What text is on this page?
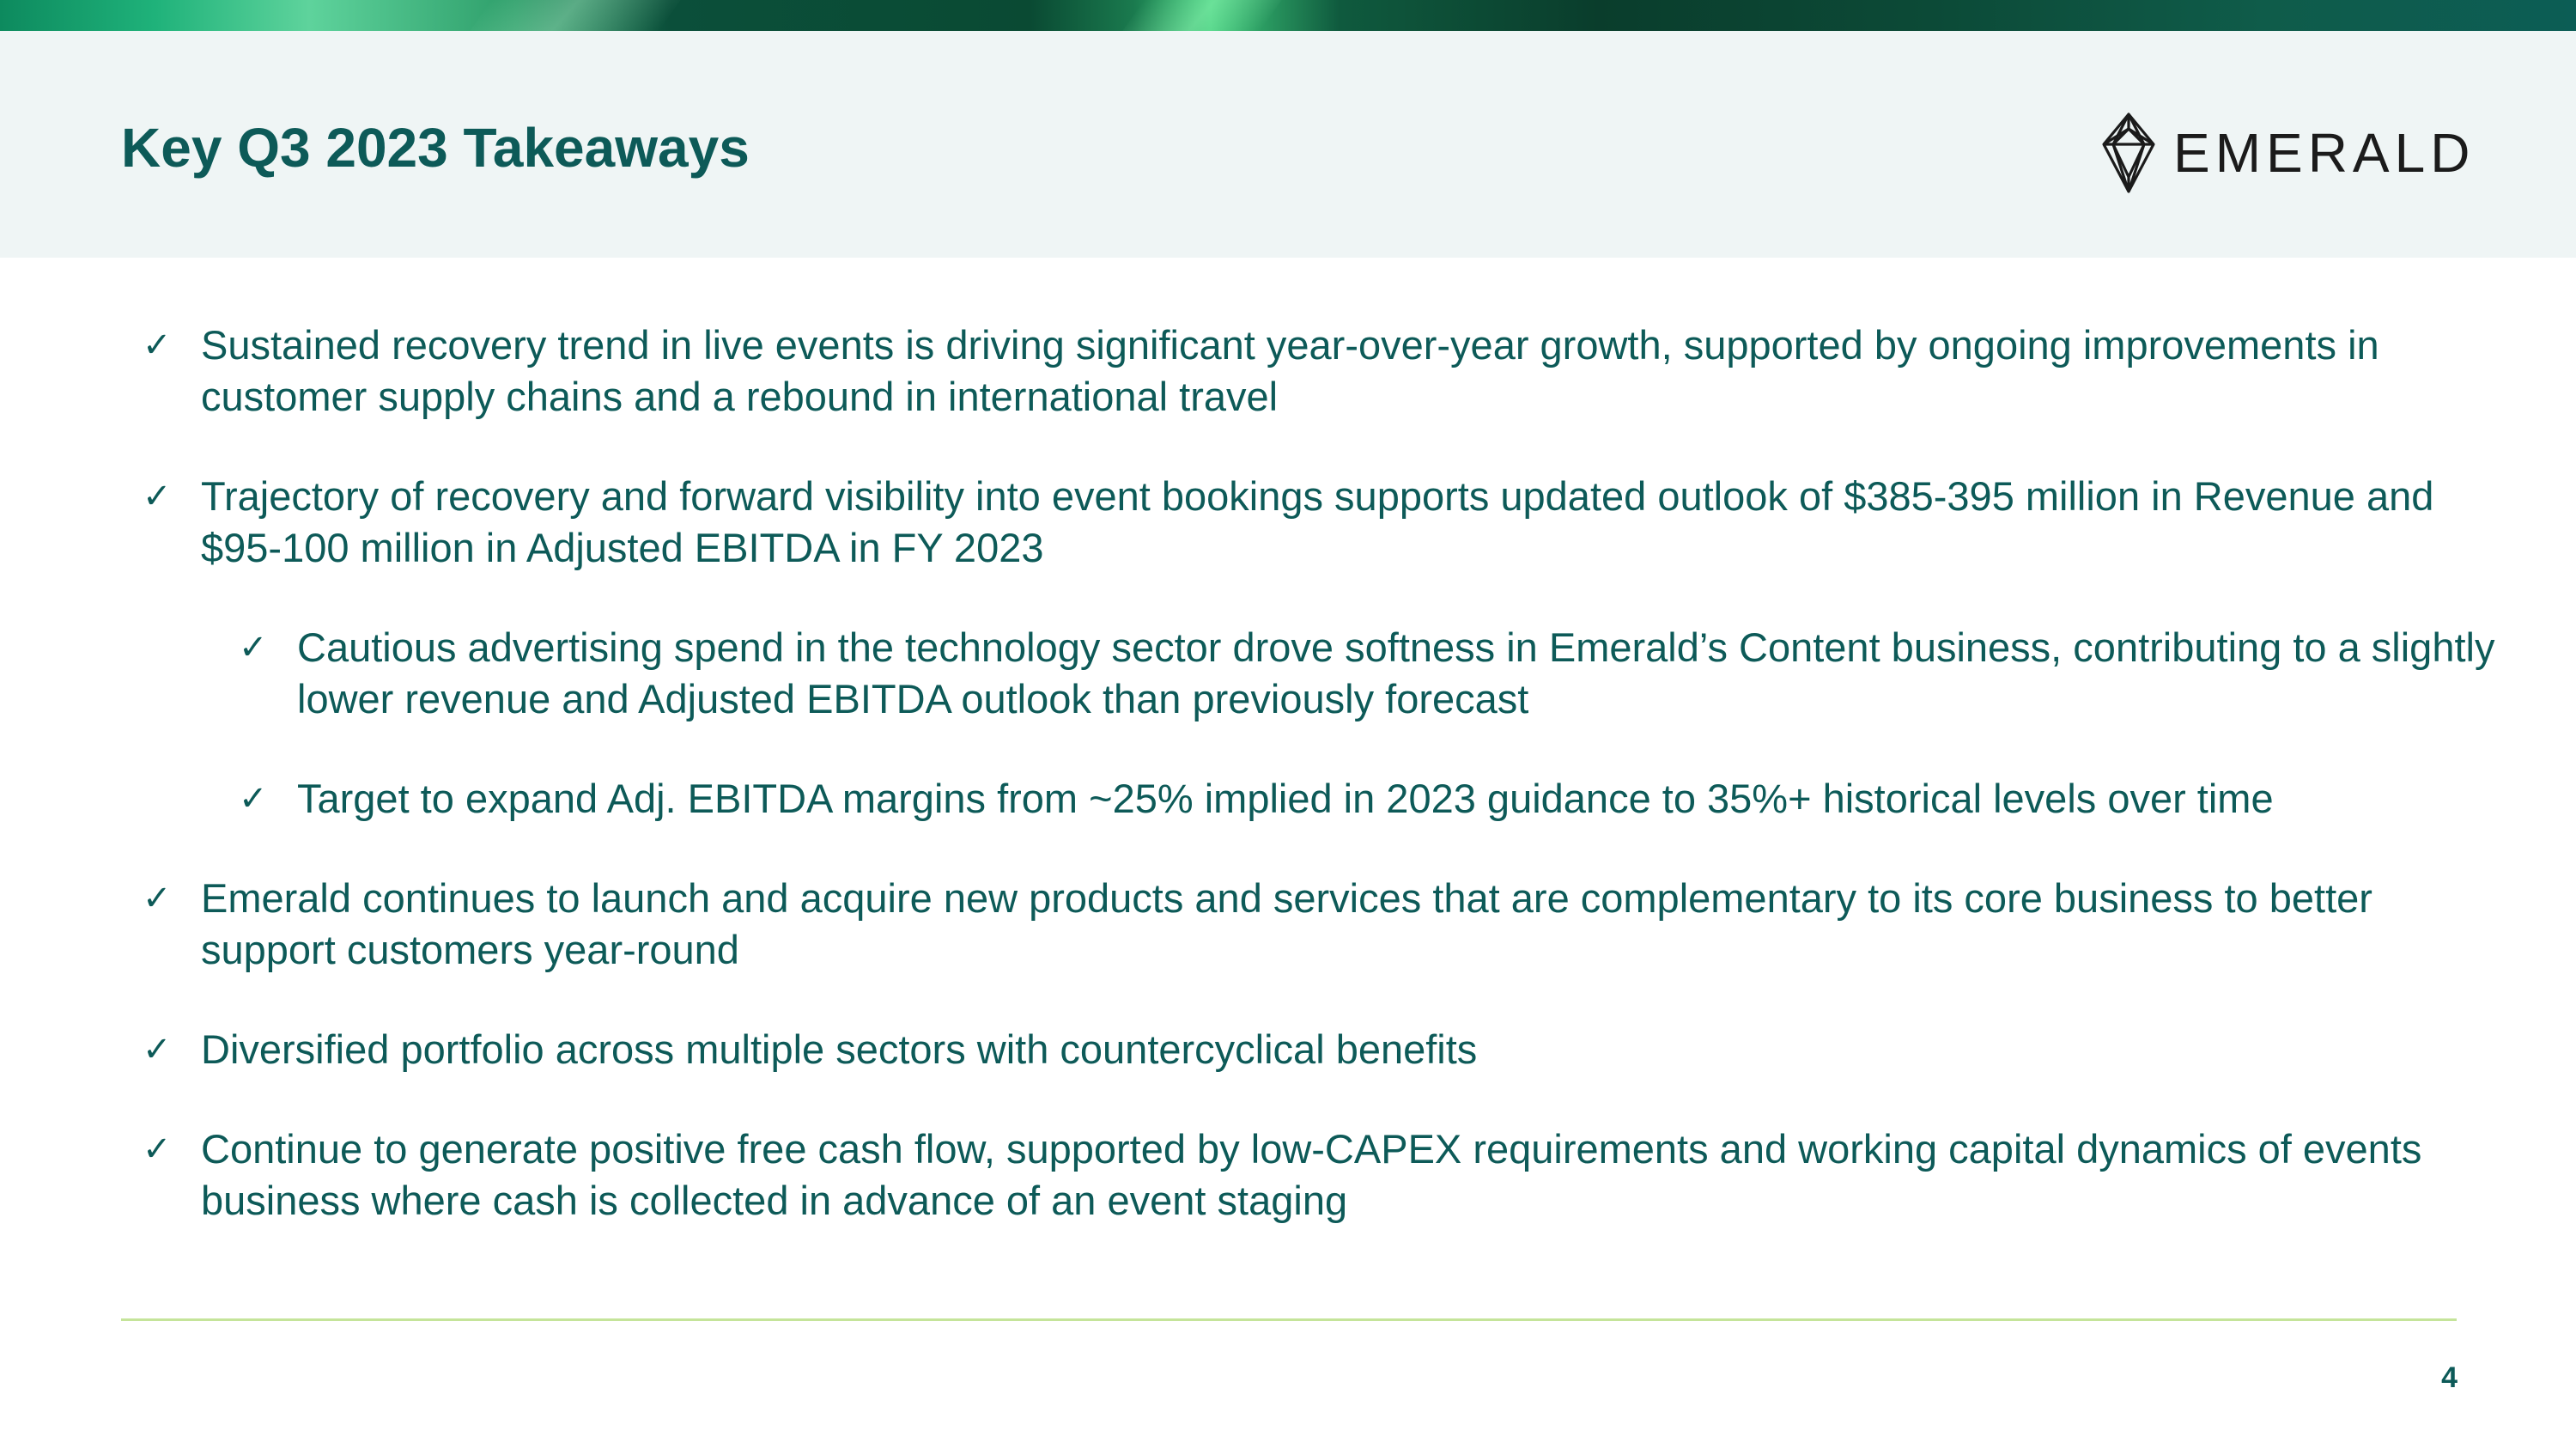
Key Q3 2023 Takeaways	EMERALD
✓ Sustained recovery trend in live events is driving significant year-over-year growth, supported by ongoing improvements in customer supply chains and a rebound in international travel
✓ Trajectory of recovery and forward visibility into event bookings supports updated outlook of $385-395 million in Revenue and $95-100 million in Adjusted EBITDA in FY 2023
✓ Cautious advertising spend in the technology sector drove softness in Emerald’s Content business, contributing to a slightly lower revenue and Adjusted EBITDA outlook than previously forecast
✓ Target to expand Adj. EBITDA margins from ~25% implied in 2023 guidance to 35%+ historical levels over time
✓ Emerald continues to launch and acquire new products and services that are complementary to its core business to better support customers year-round
✓ Diversified portfolio across multiple sectors with countercyclical benefits
✓ Continue to generate positive free cash flow, supported by low-CAPEX requirements and working capital dynamics of events business where cash is collected in advance of an event staging
4
